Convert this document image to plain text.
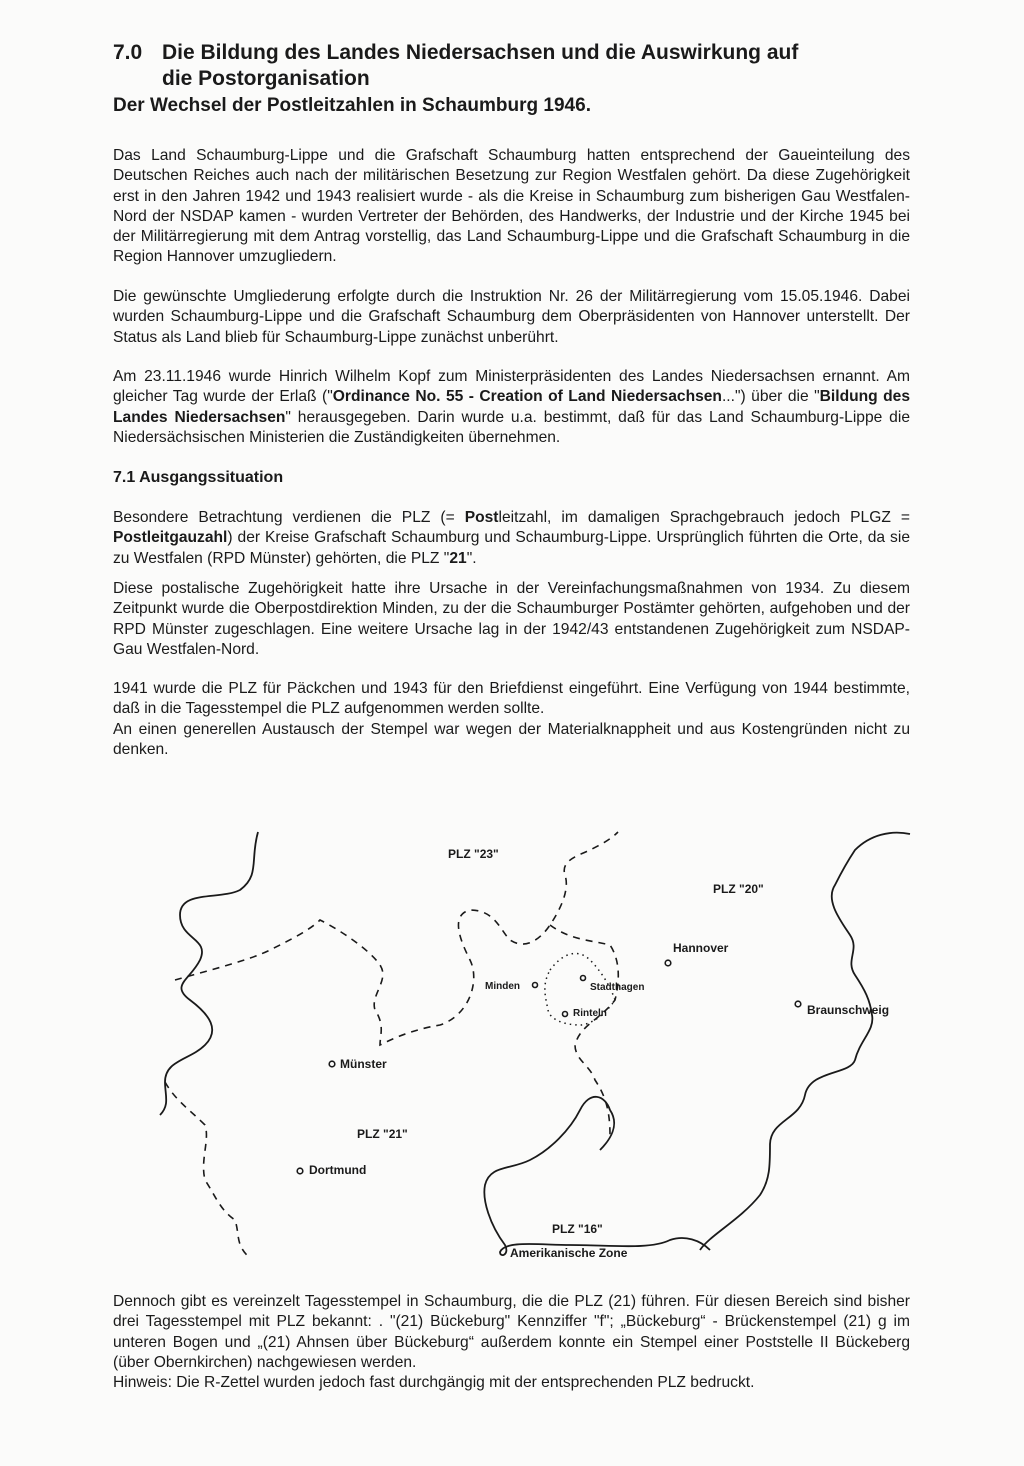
7.0 Die Bildung des Landes Niedersachsen und die Auswirkung auf
die Postorganisation
Der Wechsel der Postleitzahlen in Schaumburg 1946.

Das Land Schaumburg-Lippe und die Grafschaft Schaumburg hatten entsprechend der Gaueinteilung des Deutschen Reiches auch nach der militärischen Besetzung zur Region Westfalen gehört. Da diese Zugehörigkeit erst in den Jahren 1942 und 1943 realisiert wurde - als die Kreise in Schaumburg zum bisherigen Gau Westfalen-Nord der NSDAP kamen - wurden Vertreter der Behörden, des Handwerks, der Industrie und der Kirche 1945 bei der Militärregierung mit dem Antrag vorstellig, das Land Schaumburg-Lippe und die Grafschaft Schaumburg in die Region Hannover umzugliedern.

Die gewünschte Umgliederung erfolgte durch die Instruktion Nr. 26 der Militärregierung vom 15.05.1946. Dabei wurden Schaumburg-Lippe und die Grafschaft Schaumburg dem Oberpräsidenten von Hannover unterstellt. Der Status als Land blieb für Schaumburg-Lippe zunächst unberührt.

Am 23.11.1946 wurde Hinrich Wilhelm Kopf zum Ministerpräsidenten des Landes Niedersachsen ernannt. Am gleicher Tag wurde der Erlaß ("Ordinance No. 55 - Creation of Land Niedersachsen...") über die "Bildung des Landes Niedersachsen" herausgegeben. Darin wurde u.a. bestimmt, daß für das Land Schaumburg-Lippe die Niedersächsischen Ministerien die Zuständigkeiten übernehmen.

7.1 Ausgangssituation

Besondere Betrachtung verdienen die PLZ (= Postleitzahl, im damaligen Sprachgebrauch jedoch PLGZ = Postleitgauzahl) der Kreise Grafschaft Schaumburg und Schaumburg-Lippe. Ursprünglich führten die Orte, da sie zu Westfalen (RPD Münster) gehörten, die PLZ "21".

Diese postalische Zugehörigkeit hatte ihre Ursache in der Vereinfachungsmaßnahmen von 1934. Zu diesem Zeitpunkt wurde die Oberpostdirektion Minden, zu der die Schaumburger Postämter gehörten, aufgehoben und der RPD Münster zugeschlagen. Eine weitere Ursache lag in der 1942/43 entstandenen Zugehörigkeit zum NSDAP-Gau Westfalen-Nord.

1941 wurde die PLZ für Päckchen und 1943 für den Briefdienst eingeführt. Eine Verfügung von 1944 bestimmte, daß in die Tagesstempel die PLZ aufgenommen werden sollte.
An einen generellen Austausch der Stempel war wegen der Materialknappheit und aus Kostengründen nicht zu denken.

PLZ "23"
PLZ "20"
PLZ "21"
PLZ "16"
Amerikanische Zone
Hannover
Minden	Stadthagen
Rinteln	Braunschweig
Münster
Dortmund

Dennoch gibt es vereinzelt Tagesstempel in Schaumburg, die die PLZ (21) führen. Für diesen Bereich sind bisher drei Tagesstempel mit PLZ bekannt: . "(21) Bückeburg" Kennziffer "f"; „Bückeburg“ - Brückenstempel (21) g im unteren Bogen und „(21) Ahnsen über Bückeburg“ außerdem konnte ein Stempel einer Poststelle II Bückeberg (über Obernkirchen) nachgewiesen werden.
Hinweis: Die R-Zettel wurden jedoch fast durchgängig mit der entsprechenden PLZ bedruckt.
